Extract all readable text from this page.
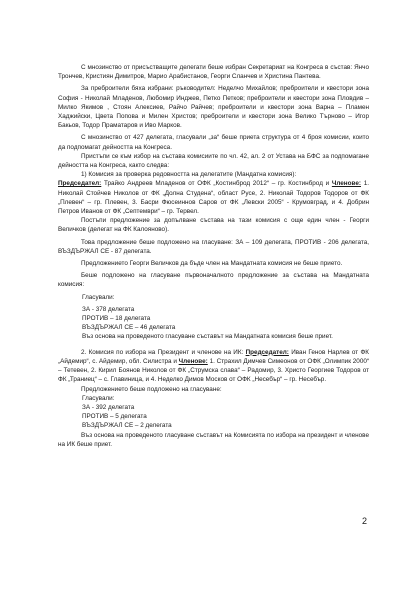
С мнозинство от присъстващите делегати беше избран Секретариат на Конгреса в състав: Янчо Трончев, Кристиян Димитров, Марио Арабистанов, Георги Сланчев и Христина Пантева.

За преброители бяха избрани: ръководител: Неделчо Михайлов; преброители и квестори зона София - Николай Младенов, Любомир Инджев, Петко Петков; преброители и квестори зона Пловдив – Милко Якимов , Стоян Алексиев, Райчо Райчев; преброители и квестори зона Варна – Пламен Хаджийски, Цвета Попова и Милен Христов; преброители и квестори зона Велико Търново – Игор Бакьов, Тодор Праматаров и Иво Марков.

С мнозинство от 427 делегата, гласували „за“ беше приета структура от 4 броя комисии, които да подпомагат дейността на Конгреса.

Пристъпи се към избор на състава комисиите по чл. 42, ал. 2 от Устава на БФС за подпомагане дейността на Конгреса, както следва:

1) Комисия за проверка редовността на делегатите (Мандатна комисия):

Председател: Трайко Андреев Младенов от ОФК „Костинброд 2012“ – гр. Костинброд и Членове: 1. Николай Стойчев Николов от ФК „Долна Студена“, област Русе, 2. Николай Тодоров Тодоров от ФК „Плевен“ – гр. Плевен, 3. Басри Фюсеиннов Саров от ФК „Левски 2005“ - Крумовград, и 4. Добрин Петров Иванов от ФК „Септември“ – гр. Тервел.

Постъпи предложение за допълване състава на тази комисия с още един член - Георги Величков (делегат на ФК Калояново).

Това предложение беше подложено на гласуване: ЗА – 109 делегата, ПРОТИВ - 206 делегата, ВЪЗДЪРЖАЛ СЕ - 87 делегата.

Предложението Георги Величков да бъде член на Мандатната комисия не беше прието.

Беше подложено на гласуване първоначалното предложение за състава на Мандатната комисия:

Гласували:

ЗА - 378 делегата

ПРОТИВ – 18 делегата

ВЪЗДЪРЖАЛ СЕ – 46 делегата

Въз основа на проведеното гласуване съставът на Мандатната комисия беше приет.

2. Комисия по избора на Президент и членове на ИК: Председател: Иван Генов Нарлев от ФК „Айдемир“, с. Айдемир, обл. Силистра и Членове: 1. Страхил Димчев Симеонов от ОФК „Олимпик 2000“ – Тетевен, 2. Кирил Боянов Николов от ФК „Струмска слава“ – Радомир, 3. Христо Георгиев Тодоров от ФК „Траниец“ – с. Главиница, и 4. Неделко Димов Москов от ОФК „Несебър“ – гр. Несебър.

Предложението беше подложено на гласуване:

Гласували:

ЗА - 392 делегата

ПРОТИВ – 5 делегата

ВЪЗДЪРЖАЛ СЕ – 2 делегата

Въз основа на проведеното гласуване съставът на Комисията по избора на президент и членове на ИК беше приет.

2
